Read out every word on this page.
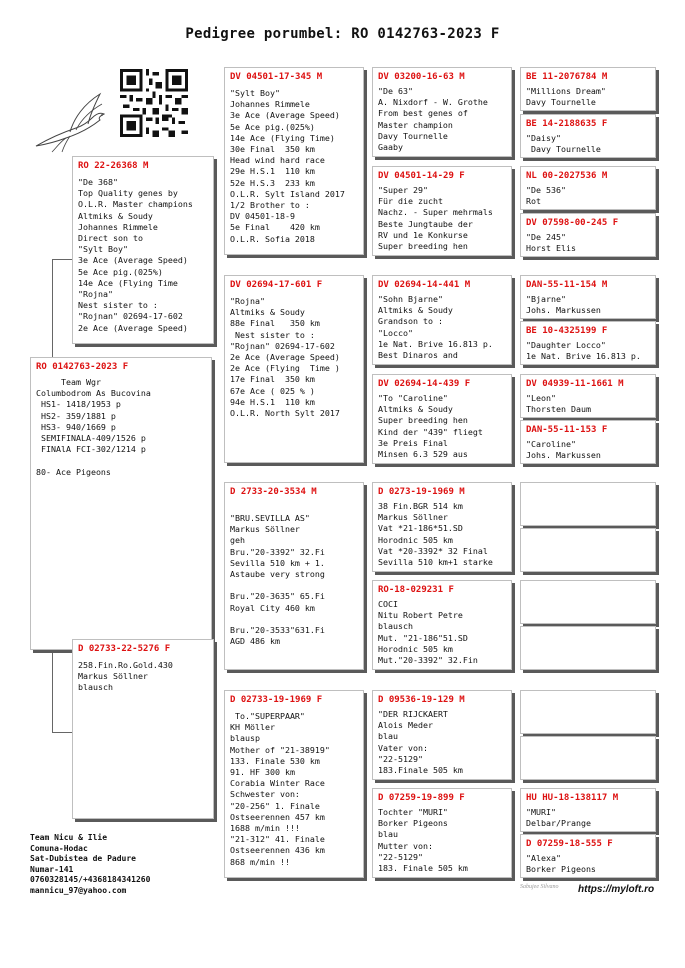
Pedigree porumbel: RO 0142763-2023 F
RO 0142763-2023 F
Team Wgr
Columbodrom As Bucovina
HS1- 1418/1953 p
HS2- 359/1881 p
HS3- 940/1669 p
SEMIFINALA-409/1526 p
FINAlA FCI-302/1214 p

80- Ace Pigeons
RO 22-26368 M
"De 368"
Top Quality genes by
O.L.R. Master champions
Altmiks & Soudy
Johannes Rimmele
Direct son to
"Sylt Boy"
3e Ace (Average Speed)
5e Ace pig.(025%)
14e Ace (Flying Time
"Rojna"
Nest sister to :
"Rojnan" 02694-17-602
2e Ace (Average Speed)
D 02733-22-5276 F
258.Fin.Ro.Gold.430
Markus Söllner
blausch
DV 04501-17-345 M
"Sylt Boy"
Johannes Rimmele
3e Ace (Average Speed)
5e Ace pig.(025%)
14e Ace (Flying Time)
30e Final  350 km
Head wind hard race
29e H.S.1  110 km
52e H.S.3  233 km
O.L.R. Sylt Island 2017
1/2 Brother to :
DV 04501-18-9
5e Final    420 km
O.L.R. Sofia 2018
DV 02694-17-601 F
"Rojna"
Altmiks & Soudy
88e Final   350 km
Nest sister to :
"Rojnan" 02694-17-602
2e Ace (Average Speed)
2e Ace (Flying  Time )
17e Final  350 km
67e Ace ( 025 % )
94e H.S.1  110 km
O.L.R. North Sylt 2017
D 2733-20-3534 M
"BRU.SEVILLA AS"
Markus Söllner
geh
Bru."20-3392" 32.Fi
Sevilla 510 km + 1.
Astaube very strong

Bru."20-3635" 65.Fi
Royal City 460 km

Bru."20-3533"631.Fi
AGD 486 km
D 02733-19-1969 F
To."SUPERPAAR"
KH Möller
blausp
Mother of "21-38919"
133. Finale 530 km
91. HF 300 km
Corabia Winter Race
Schwester von:
"20-256" 1. Finale
Ostseerennen 457 km
1688 m/min !!!
"21-312" 41. Finale
Ostseerennen 436 km
868 m/min !!
DV 03200-16-63 M
"De 63"
A. Nixdorf - W. Grothe
From best genes of
Master champion
Davy Tournelle
Gaaby
DV 04501-14-29 F
"Super 29"
Für die zucht
Nachz. - Super mehrmals
Beste Jungtaube der
RV und 1e Konkurse
Super breeding hen
DV 02694-14-441 M
"Sohn Bjarne"
Altmiks & Soudy
Grandson to :
"Locco"
1e Nat. Brive 16.813 p.
Best Dinaros and
DV 02694-14-439 F
"To "Caroline"
Altmiks & Soudy
Super breeding hen
Kind der "439" fliegt
3e Preis Final
Minsen 6.3 529 aus
D 0273-19-1969 M
38 Fin.BGR 514 km
Markus Söllner
Vat *21-186*51.SD
Horodnic 505 km
Vat *20-3392* 32 Final
Sevilla 510 km+1 starke
RO-18-029231 F
COCI
Nitu Robert Petre
blausch
Mut. "21-186"51.SD
Horodnic 505 km
Mut."20-3392" 32.Fin
D 09536-19-129 M
"DER RIJCKAERT
Alois Meder
blau
Vater von:
"22-5129"
183.Finale 505 km
D 07259-19-899 F
Tochter "MURI"
Borker Pigeons
blau
Mutter von:
"22-5129"
183. Finale 505 km
BE 11-2076784 M
"Millions Dream"
Davy Tournelle
BE 14-2188635 F
"Daisy"
Davy Tournelle
NL 00-2027536 M
"De 536"
Rot
DV 07598-00-245 F
"De 245"
Horst Elis
DAN-55-11-154 M
"Bjarne"
Johs. Markussen
BE 10-4325199 F
"Daughter Locco"
1e Nat. Brive 16.813 p.
DV 04939-11-1661 M
"Leon"
Thorsten Daum
DAN-55-11-153 F
"Caroline"
Johs. Markussen
HU HU-18-138117 M
"MURI"
Delbar/Prange
D 07259-18-555 F
"Alexa"
Borker Pigeons
Team Nicu & Ilie
Comuna-Hodac
Sat-Dubistea de Padure
Numar-141
0760328145/+4368184341260
mannicu_97@yahoo.com	Sabujee Silvano https://myloft.ro
